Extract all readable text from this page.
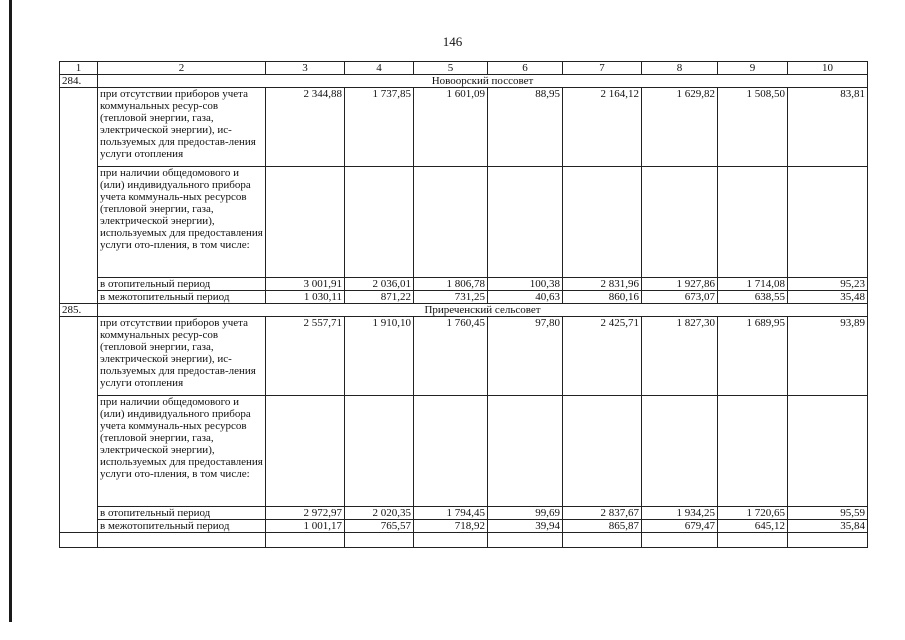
146
1	2	3	4	5	6	7	8	9	10
284.	Новоорский поссовет								
	при отсутствии приборов учета коммунальных ресур-сов (тепловой энергии, газа, электрической энергии), ис-пользуемых для предостав-ления услуги отопления	2 344,88	1 737,85	1 601,09	88,95	2 164,12	1 629,82	1 508,50	83,81
	при наличии общедомового и (или) индивидуального прибора учета коммуналь-ных ресурсов (тепловой энергии, газа, электрической энергии), используемых для предоставления услуги ото-пления, в том числе:								
	в отопительный период	3 001,91	2 036,01	1 806,78	100,38	2 831,96	1 927,86	1 714,08	95,23
	в межотопительный период	1 030,11	871,22	731,25	40,63	860,16	673,07	638,55	35,48
285.	Приреченский сельсовет								
	при отсутствии приборов учета коммунальных ресур-сов (тепловой энергии, газа, электрической энергии), ис-пользуемых для предостав-ления услуги отопления	2 557,71	1 910,10	1 760,45	97,80	2 425,71	1 827,30	1 689,95	93,89
	при наличии общедомового и (или) индивидуального прибора учета коммуналь-ных ресурсов (тепловой энергии, газа, электрической энергии), используемых для предоставления услуги ото-пления, в том числе:								
	в отопительный период	2 972,97	2 020,35	1 794,45	99,69	2 837,67	1 934,25	1 720,65	95,59
	в межотопительный период	1 001,17	765,57	718,92	39,94	865,87	679,47	645,12	35,84
